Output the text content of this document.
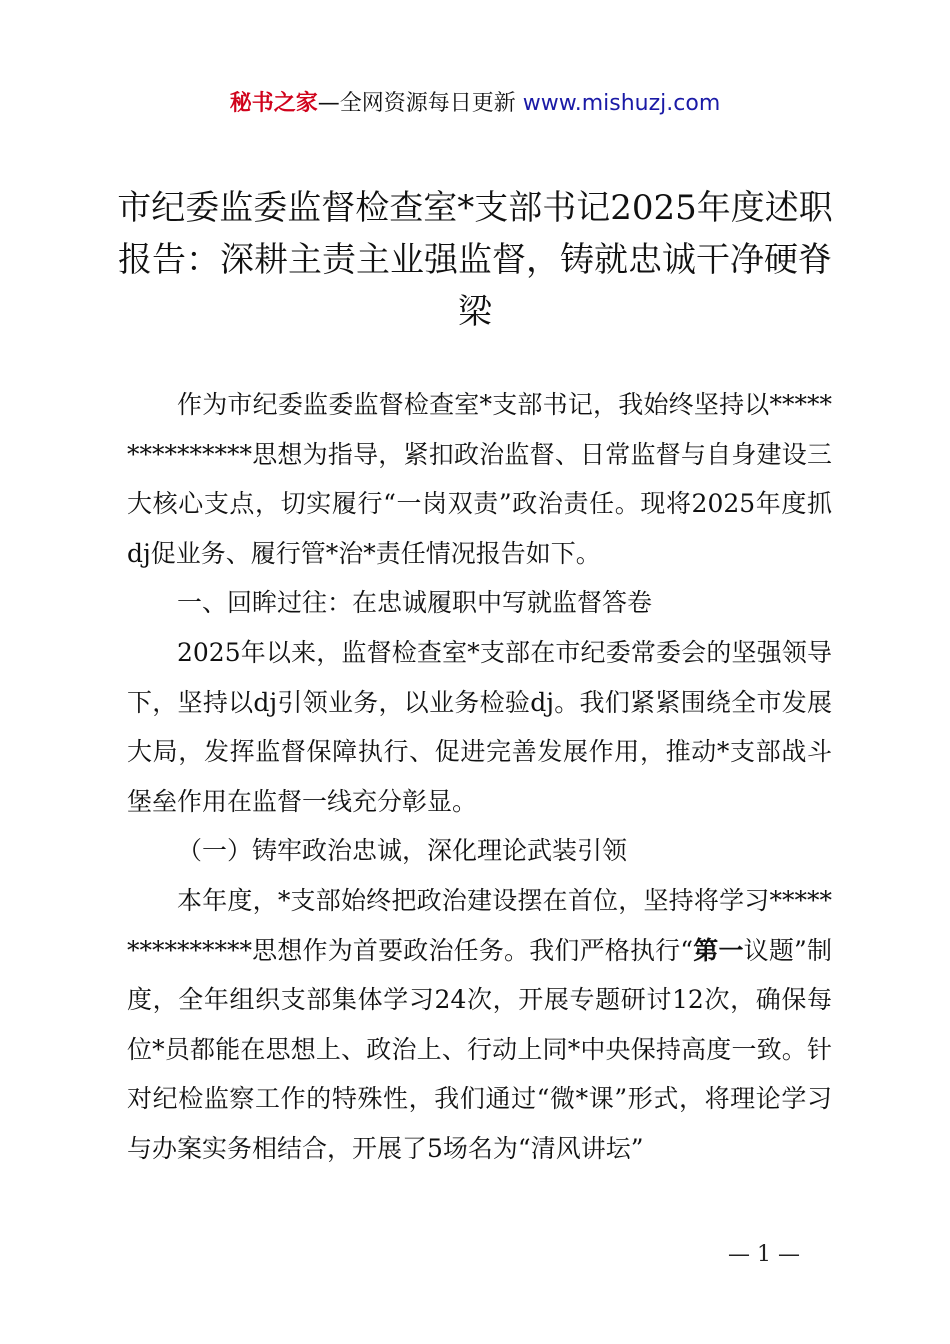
秘书之家—全网资源每日更新 www.mishuzj.com
市纪委监委监督检查室*支部书记2025年度述职报告：深耕主责主业强监督，铸就忠诚干净硬脊梁

作为市纪委监委监督检查室*支部书记，我始终坚持以***************思想为指导，紧扣政治监督、日常监督与自身建设三大核心支点，切实履行“一岗双责”政治责任。现将2025年度抓dj促业务、履行管*治*责任情况报告如下。

一、回眸过往：在忠诚履职中写就监督答卷

2025年以来，监督检查室*支部在市纪委常委会的坚强领导下，坚持以dj引领业务，以业务检验dj。我们紧紧围绕全市发展大局，发挥监督保障执行、促进完善发展作用，推动*支部战斗堡垒作用在监督一线充分彰显。

（一）铸牢政治忠诚，深化理论武装引领

本年度，*支部始终把政治建设摆在首位，坚持将学习***************思想作为首要政治任务。我们严格执行“第一议题”制度，全年组织支部集体学习24次，开展专题研讨12次，确保每位*员都能在思想上、政治上、行动上同*中央保持高度一致。针对纪检监察工作的特殊性，我们通过“微*课”形式，将理论学习与办案实务相结合，开展了5场名为“清风讲坛”

— 1 —
